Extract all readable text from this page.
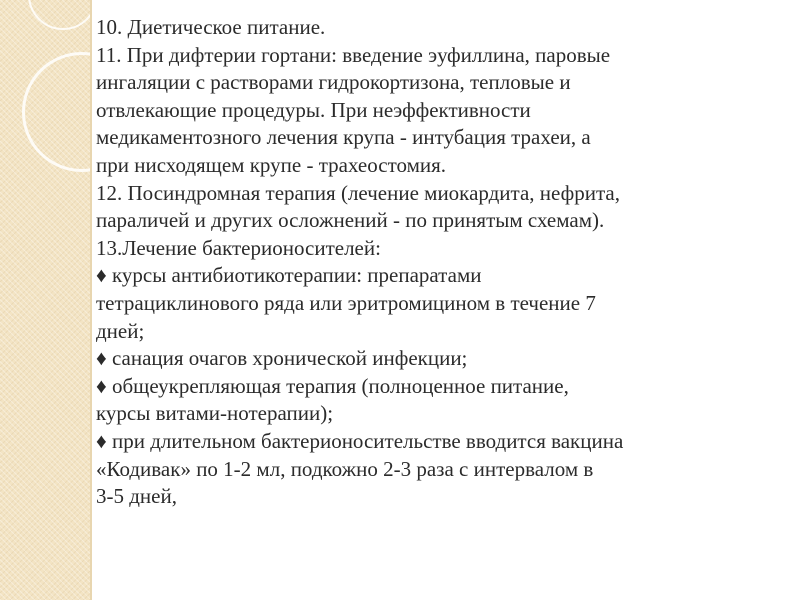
10. Диетическое питание.
11. При дифтерии гортани: введение эуфиллина, паровые
ингаляции с растворами гидрокортизона, тепловые и
отвлекающие процедуры. При неэффективности
медикаментозного лечения крупа - интубация трахеи, а
при нисходящем крупе - трахеостомия.
12. Посиндромная терапия (лечение миокардита, нефрита,
параличей и других осложнений - по принятым схемам).
13.Лечение бактерионосителей:
♦ курсы антибиотикотерапии: препаратами
тетрациклинового ряда или эритромицином в течение 7
дней;
♦ санация очагов хронической инфекции;
♦ общеукрепляющая терапия (полноценное питание,
курсы витами-нотерапии);
♦ при длительном бактерионосительстве вводится вакцина
«Кодивак» по 1-2 мл, подкожно 2-3 раза с интервалом в
3-5 дней,
